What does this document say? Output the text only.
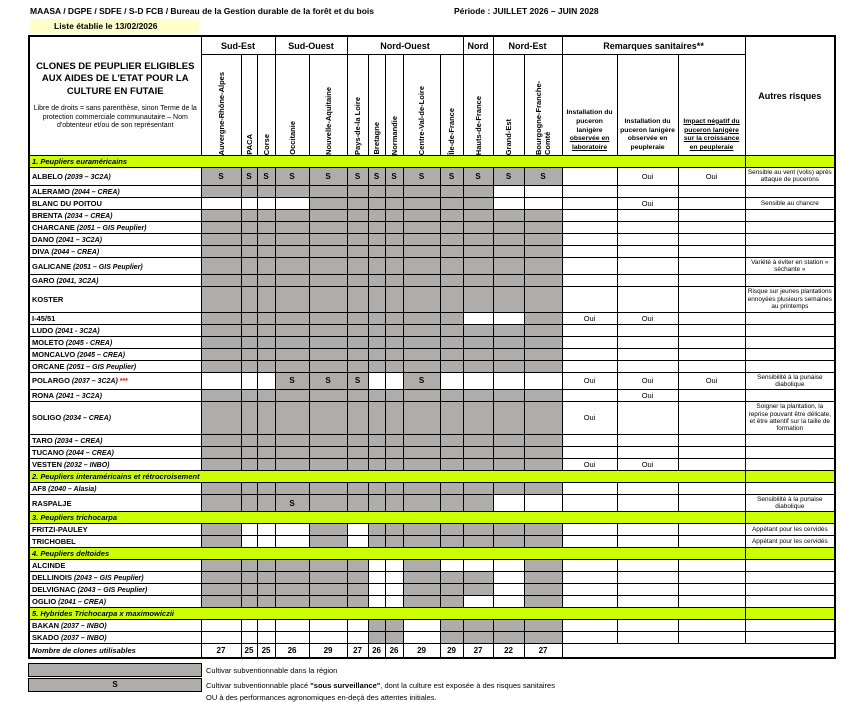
MAASA / DGPE / SDFE / S-D FCB / Bureau de la Gestion durable de la forêt et du bois	Période : JUILLET 2026 – JUIN 2028
Liste établie le 13/02/2026
CLONES DE PEUPLIER ELIGIBLES AUX AIDES DE L'ETAT POUR LA CULTURE EN FUTAIE
Libre de droits = sans parenthèse, sinon Terme de la protection commerciale communautaire – Nom d'obtenteur et/ou de son représentant	Sud-Est			Sud-Ouest		Nord-Ouest					Nord	Nord-Est		Remarques sanitaires**			Autres risques

	Auvergne-Rhône-Alpes	PACA	Corse	Occitanie	Nouvelle-Aquitaine	Pays-de-la Loire	Bretagne	Normandie	Centre-Val-de-Loire	Île-de-France	Hauts-de-France	Grand-Est	Bourgogne-Franche-Comté	Installation du puceron lanigère observée en laboratoire	Installation du puceron lanigère observée en peupleraie	Impact négatif du puceron lanigère sur la croissance en peupleraie	
1. Peupliers euraméricains																	
ALBELO (2039 – 3C2A)	S	S	S	S	S	S	S	S	S	S	S	S	S		Oui	Oui	Sensible au vent (volis) après attaque de pucerons
ALERAMO (2044 – CREA)																	
BLANC DU POITOU															Oui		Sensible au chancre
BRENTA (2034 – CREA)																	
CHARCANE (2051 – GIS Peuplier)																	
DANO (2041 – 3C2A)																	
DIVA (2044 – CREA)																	
GALICANE (2051 – GIS Peuplier)																	Variété à éviter en station « séchante »
GARO (2041, 3C2A)																	
KOSTER																	Risque sur jeunes plantations ennoyées plusieurs semaines au printemps
I-45/51														Oui	Oui		
LUDO (2041 - 3C2A)																	
MOLETO (2045 - CREA)																	
MONCALVO (2045 – CREA)																	
ORCANE (2051 – GIS Peuplier)																	
POLARGO (2037 – 3C2A) ***				S	S	S			S					Oui	Oui	Oui	Sensibilité à la punaise diabolique
RONA (2041 – 3C2A)															Oui		
SOLIGO (2034 – CREA)														Oui			Soigner la plantation, la reprise pouvant être délicate, et être attentif sur la taille de formation
TARO (2034 – CREA)																	
TUCANO (2044 – CREA)																	
VESTEN (2032 – INBO)														Oui	Oui		
2. Peupliers interaméricains et rétrocroisement																	
AF8 (2040 – Alasia)																	
RASPALJE				S													Sensibilité à la punaise diabolique
3. Peupliers trichocarpa																	
FRITZI-PAULEY																	Appétant pour les cervidés
TRICHOBEL																	Appétant pour les cervidés
4. Peupliers deltoides																	
ALCINDE																	
DELLINOIS (2043 – GIS Peuplier)																	
DELVIGNAC (2043 – GIS Peuplier)																	
OGLIO (2041 – CREA)																	
5. Hybrides Trichocarpa x maximowiczii																	
BAKAN (2037 – INBO)																	
SKADO (2037 – INBO)																	
Nombre de clones utilisables	27	25	25	26	29	27	26	26	29	29	27	22	27				
Cultivar subventionnable dans la région
S	Cultivar subventionnable placé "sous surveillance", dont la culture est exposée à des risques sanitaires
OU à des performances agronomiques en-deçà des attentes initiales.
